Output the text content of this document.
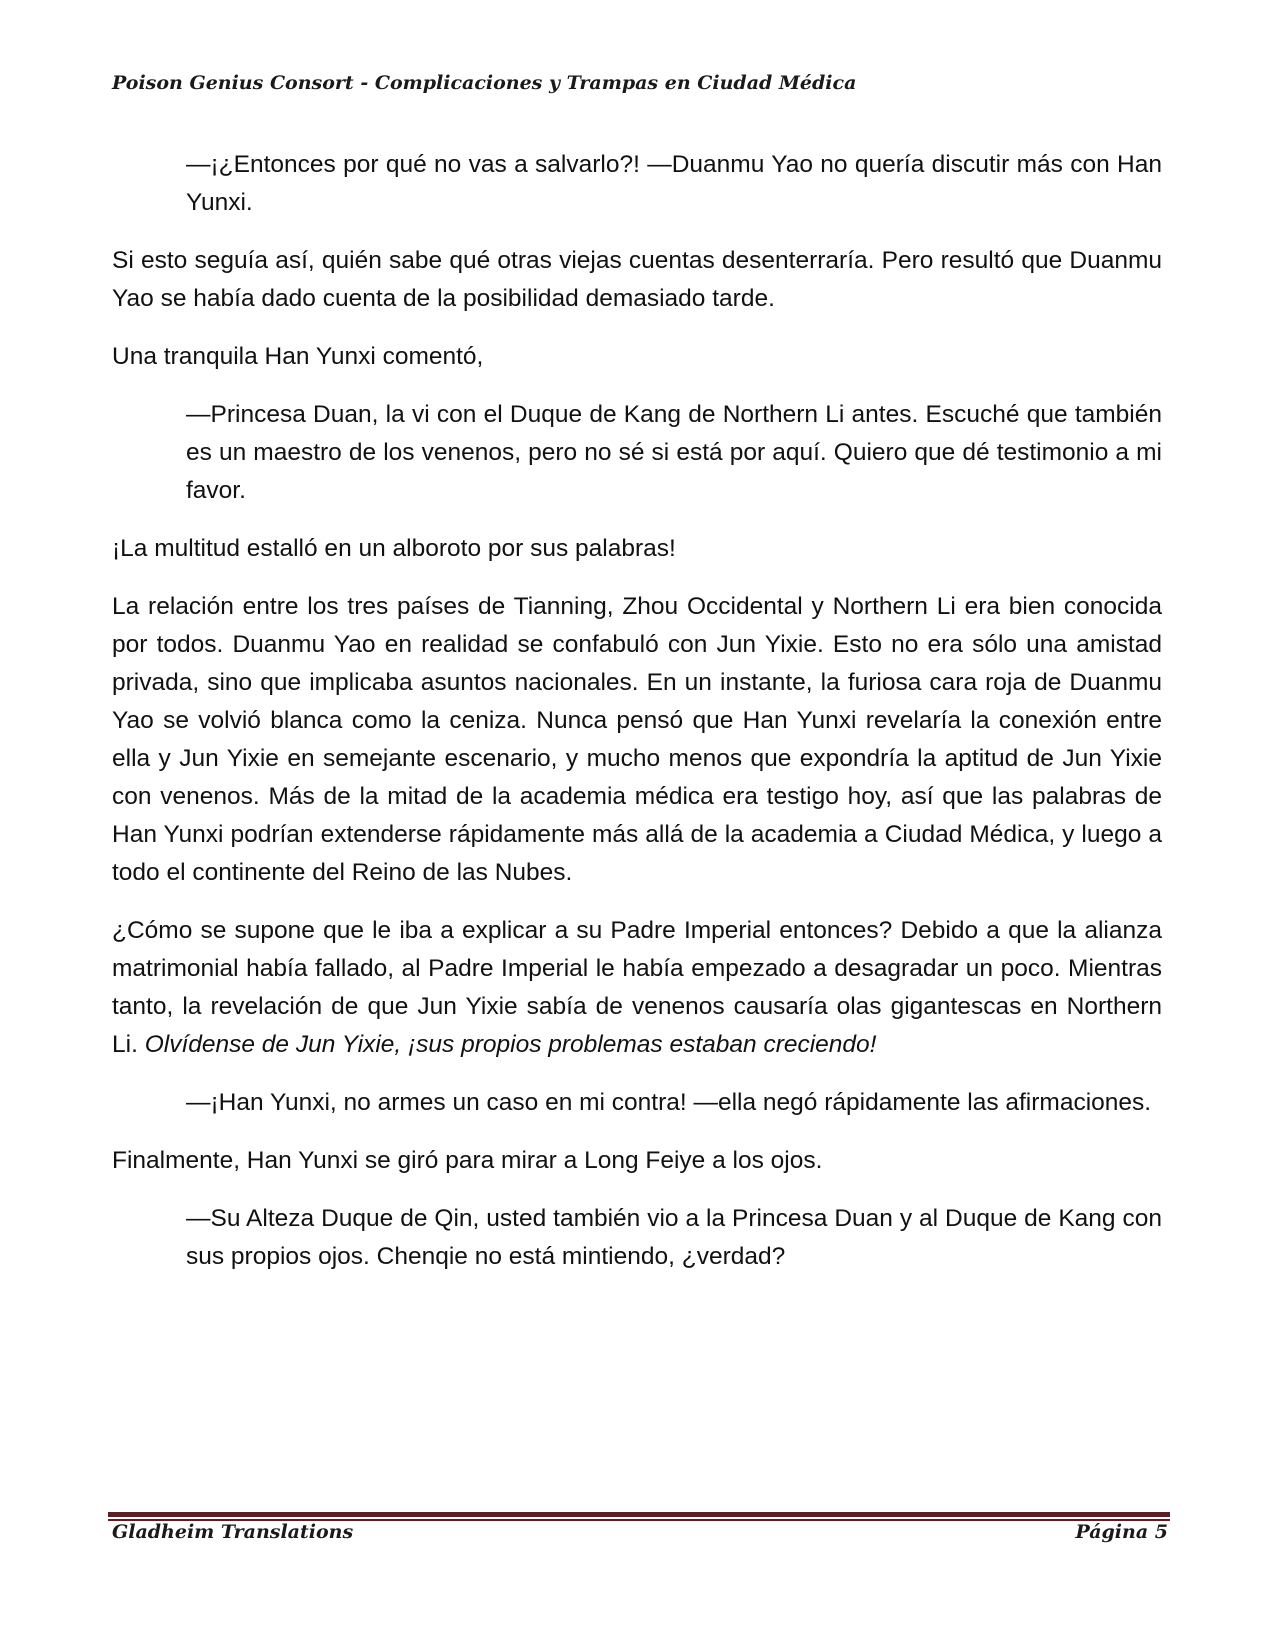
Poison Genius Consort - Complicaciones y Trampas en Ciudad Médica

—¡¿Entonces por qué no vas a salvarlo?! —Duanmu Yao no quería discutir más con Han Yunxi.

Si esto seguía así, quién sabe qué otras viejas cuentas desenterraría. Pero resultó que Duanmu Yao se había dado cuenta de la posibilidad demasiado tarde.

Una tranquila Han Yunxi comentó,

—Princesa Duan, la vi con el Duque de Kang de Northern Li antes. Escuché que también es un maestro de los venenos, pero no sé si está por aquí. Quiero que dé testimonio a mi favor.

¡La multitud estalló en un alboroto por sus palabras!

La relación entre los tres países de Tianning, Zhou Occidental y Northern Li era bien conocida por todos. Duanmu Yao en realidad se confabuló con Jun Yixie. Esto no era sólo una amistad privada, sino que implicaba asuntos nacionales. En un instante, la furiosa cara roja de Duanmu Yao se volvió blanca como la ceniza. Nunca pensó que Han Yunxi revelaría la conexión entre ella y Jun Yixie en semejante escenario, y mucho menos que expondría la aptitud de Jun Yixie con venenos. Más de la mitad de la academia médica era testigo hoy, así que las palabras de Han Yunxi podrían extenderse rápidamente más allá de la academia a Ciudad Médica, y luego a todo el continente del Reino de las Nubes.

¿Cómo se supone que le iba a explicar a su Padre Imperial entonces? Debido a que la alianza matrimonial había fallado, al Padre Imperial le había empezado a desagradar un poco. Mientras tanto, la revelación de que Jun Yixie sabía de venenos causaría olas gigantescas en Northern Li. Olvídense de Jun Yixie, ¡sus propios problemas estaban creciendo!

—¡Han Yunxi, no armes un caso en mi contra! —ella negó rápidamente las afirmaciones.

Finalmente, Han Yunxi se giró para mirar a Long Feiye a los ojos.

—Su Alteza Duque de Qin, usted también vio a la Princesa Duan y al Duque de Kang con sus propios ojos. Chenqie no está mintiendo, ¿verdad?

Gladheim Translations	Página 5
